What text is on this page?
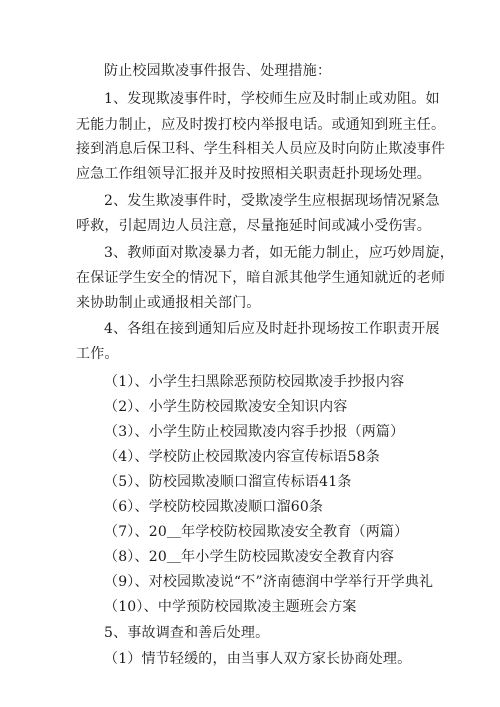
防止校园欺凌事件报告、处理措施：
1、发现欺凌事件时，学校师生应及时制止或劝阻。如
无能力制止，应及时拨打校内举报电话。或通知到班主任。
接到消息后保卫科、学生科相关人员应及时向防止欺凌事件
应急工作组领导汇报并及时按照相关职责赶扑现场处理。
2、发生欺凌事件时，受欺凌学生应根据现场情况紧急
呼救，引起周边人员注意，尽量拖延时间或减小受伤害。
3、教师面对欺凌暴力者，如无能力制止，应巧妙周旋，
在保证学生安全的情况下，暗自派其他学生通知就近的老师
来协助制止或通报相关部门。
4、各组在接到通知后应及时赶扑现场按工作职责开展
工作。
（1）、小学生扫黑除恶预防校园欺凌手抄报内容
（2）、小学生防校园欺凌安全知识内容
（3）、小学生防止校园欺凌内容手抄报（两篇）
（4）、学校防止校园欺凌内容宣传标语58条
（5）、防校园欺凌顺口溜宣传标语41条
（6）、学校防校园欺凌顺口溜60条
（7）、20＿年学校防校园欺凌安全教育（两篇）
（8）、20＿年小学生防校园欺凌安全教育内容
（9）、对校园欺凌说“不”济南德润中学举行开学典礼
（10）、中学预防校园欺凌主题班会方案
5、事故调查和善后处理。
（1）情节轻缓的，由当事人双方家长协商处理。
